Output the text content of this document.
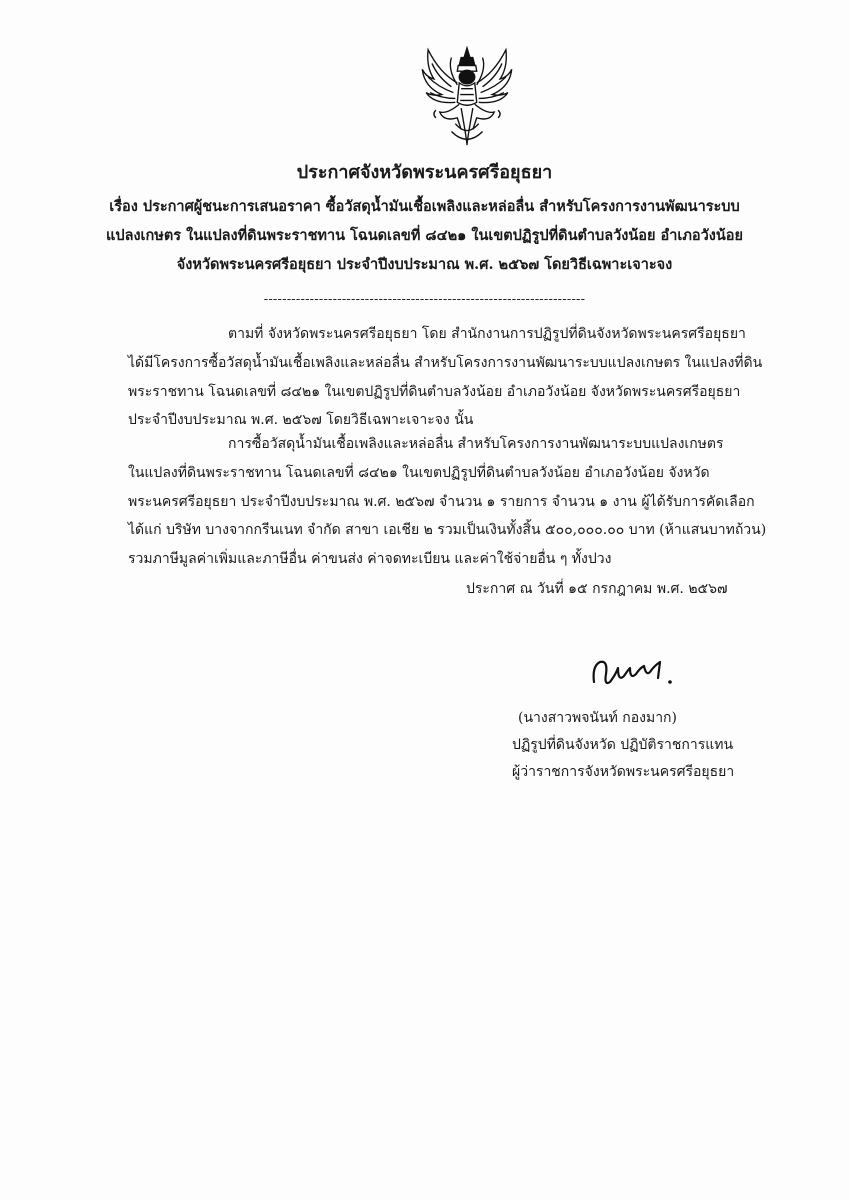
ประกาศจังหวัดพระนครศรีอยุธยา
เรื่อง ประกาศผู้ชนะการเสนอราคา ซื้อวัสดุน้ำมันเชื้อเพลิงและหล่อลื่น สำหรับโครงการงานพัฒนาระบบ
แปลงเกษตร ในแปลงที่ดินพระราชทาน โฉนดเลขที่ ๘๔๒๑ ในเขตปฏิรูปที่ดินตำบลวังน้อย อำเภอวังน้อย
จังหวัดพระนครศรีอยุธยา ประจำปีงบประมาณ พ.ศ. ๒๕๖๗ โดยวิธีเฉพาะเจาะจง
----------------------------------------------------------------------
ตามที่ จังหวัดพระนครศรีอยุธยา โดย สำนักงานการปฏิรูปที่ดินจังหวัดพระนครศรีอยุธยา
ได้มีโครงการซื้อวัสดุน้ำมันเชื้อเพลิงและหล่อลื่น สำหรับโครงการงานพัฒนาระบบแปลงเกษตร ในแปลงที่ดิน
พระราชทาน โฉนดเลขที่ ๘๔๒๑ ในเขตปฏิรูปที่ดินตำบลวังน้อย อำเภอวังน้อย จังหวัดพระนครศรีอยุธยา
ประจำปีงบประมาณ พ.ศ. ๒๕๖๗ โดยวิธีเฉพาะเจาะจง นั้น
การซื้อวัสดุน้ำมันเชื้อเพลิงและหล่อลื่น สำหรับโครงการงานพัฒนาระบบแปลงเกษตร
ในแปลงที่ดินพระราชทาน โฉนดเลขที่ ๘๔๒๑ ในเขตปฏิรูปที่ดินตำบลวังน้อย อำเภอวังน้อย จังหวัด
พระนครศรีอยุธยา ประจำปีงบประมาณ พ.ศ. ๒๕๖๗ จำนวน ๑ รายการ จำนวน ๑ งาน ผู้ได้รับการคัดเลือก
ได้แก่ บริษัท บางจากกรีนเนท จำกัด สาขา เอเชีย ๒ รวมเป็นเงินทั้งสิ้น ๕๐๐,๐๐๐.๐๐ บาท (ห้าแสนบาทถ้วน)
รวมภาษีมูลค่าเพิ่มและภาษีอื่น ค่าขนส่ง ค่าจดทะเบียน และค่าใช้จ่ายอื่น ๆ ทั้งปวง
ประกาศ ณ วันที่ ๑๕ กรกฎาคม พ.ศ. ๒๕๖๗
(นางสาวพจนันท์ กองมาก)
ปฏิรูปที่ดินจังหวัด ปฏิบัติราชการแทน
ผู้ว่าราชการจังหวัดพระนครศรีอยุธยา
